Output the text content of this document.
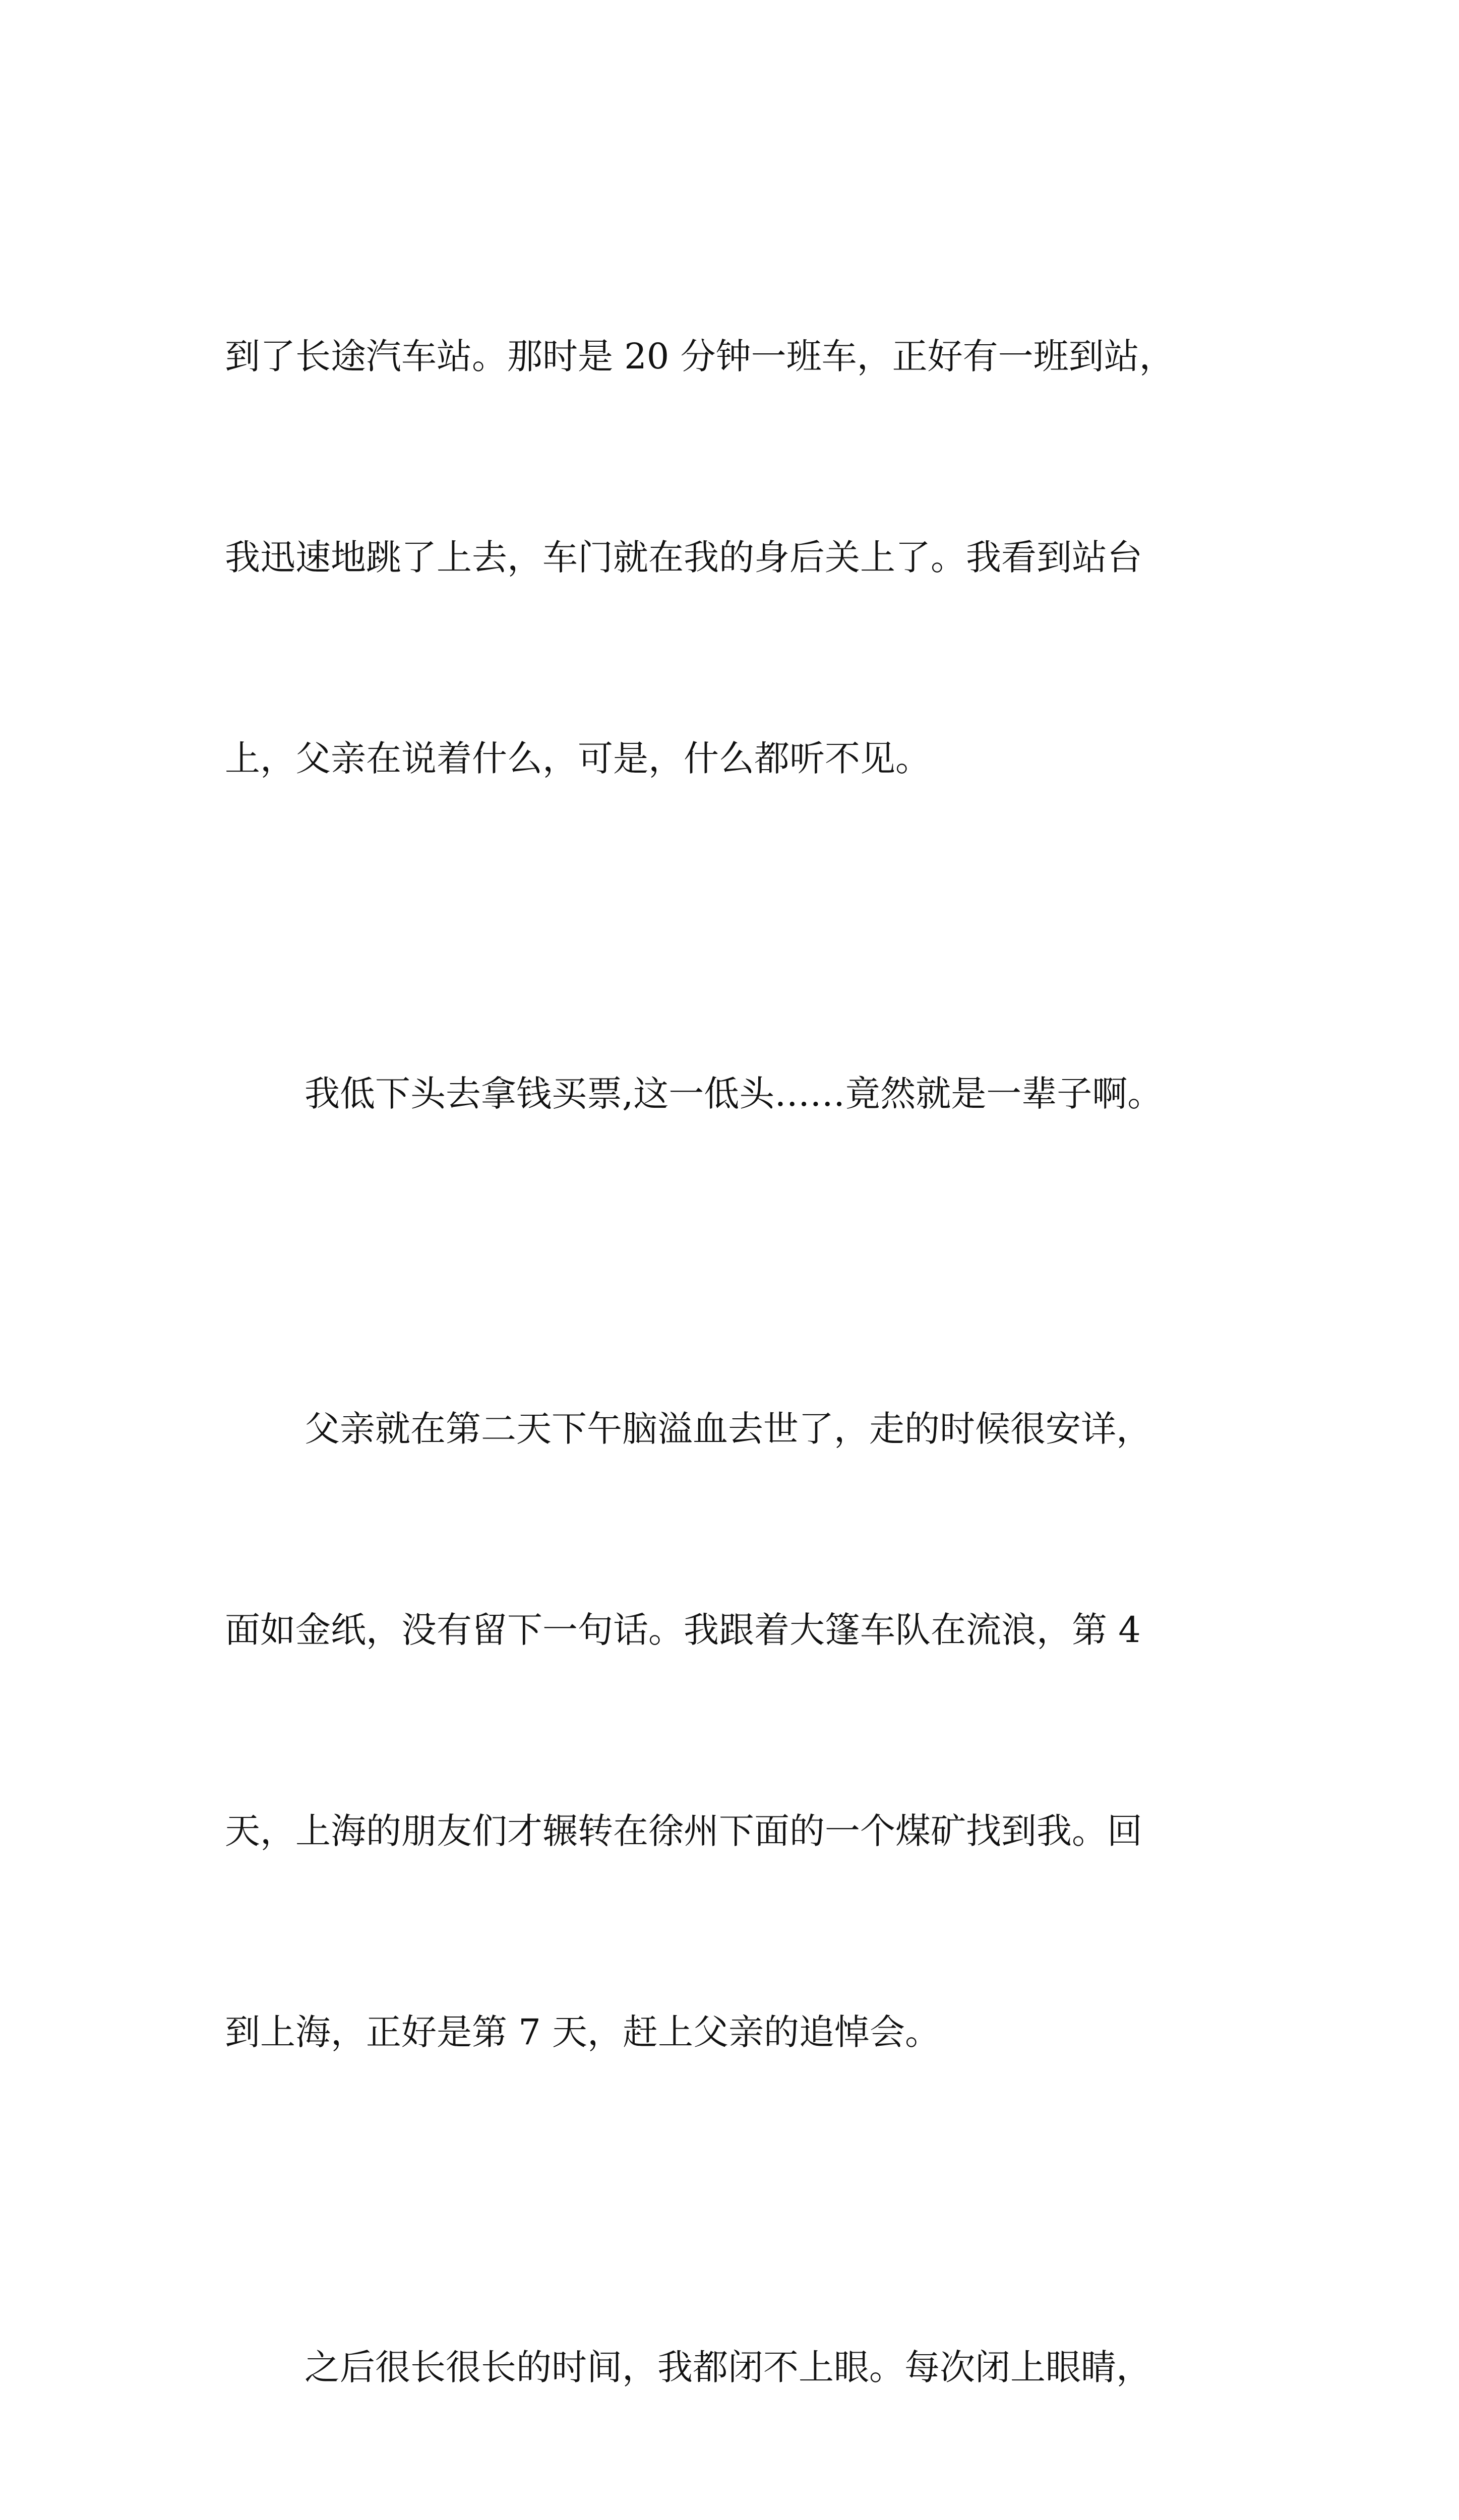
到了长途汽车站。那时是 20 分钟一班车，正好有一班到站，

我迅速地跳了上去，车门就在我的身后关上了。我看到站台

上，父亲在说着什么，可是，什么都听不见。

我低下头去拿钱买票,这一低头……竟然就是一辈子啊。

父亲就在第二天下午脑溢血去世了，走的时候很安详，

面如金纸，没有留下一句话。我跟着大篷车队在流浪，第 4

天，上海的朋友们才辗转在徐州下面的一个煤矿找到我。回

到上海，正好是第 7 天，赶上父亲的追悼会。

之后很长很长的时间，我都闭不上眼。每次闭上眼睛，
